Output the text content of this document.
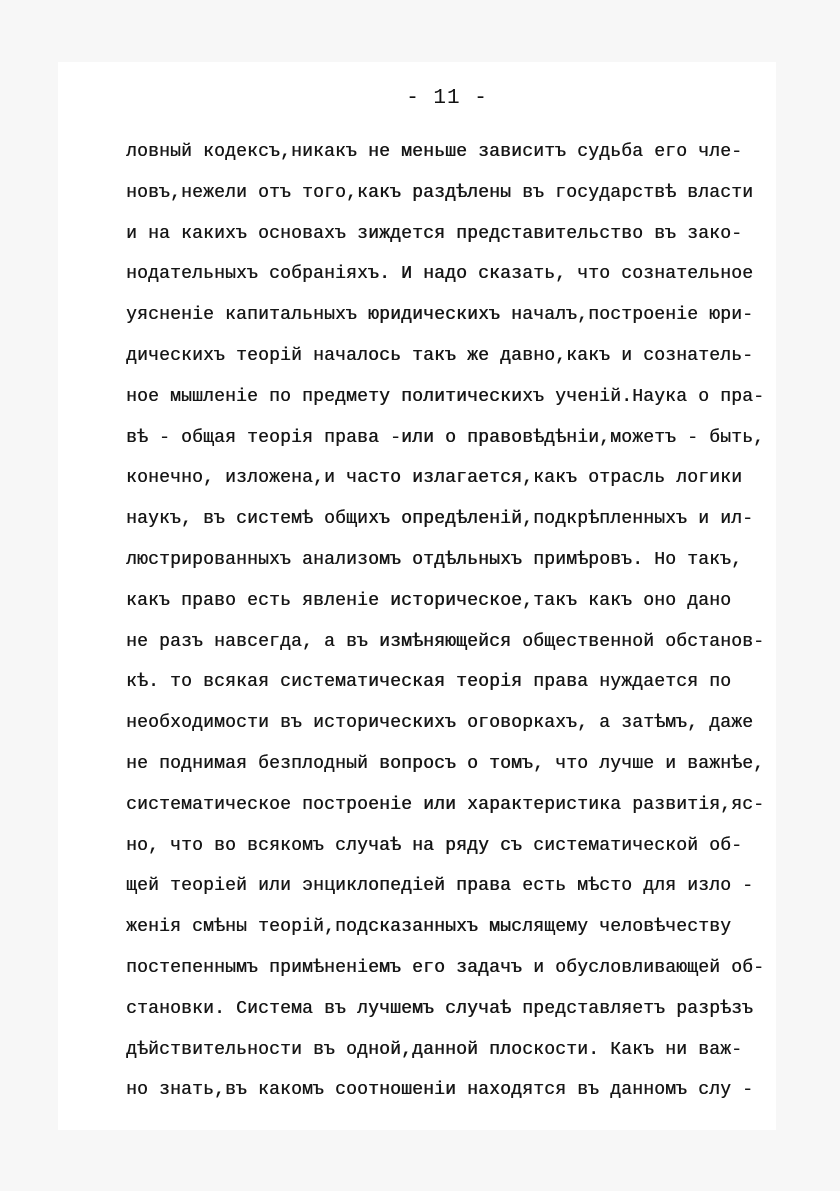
- 11 -
ловный кодексъ,никакъ не меньше зависитъ судьба его чле-
новъ,нежели отъ того,какъ раздѣлены въ государствѣ власти
и на какихъ основахъ зиждется представительство въ зако-
нодательныхъ собраніяхъ. И надо сказать, что сознательное
уясненіе капитальныхъ юридическихъ началъ,построеніе юри-
дическихъ теорій началось такъ же давно,какъ и сознатель-
ное мышленіе по предмету политическихъ ученій.Наука о пра-
вѣ - общая теорія права -или о правовѣдѣніи,можетъ - быть,
конечно, изложена,и часто излагается,какъ отрасль логики
наукъ, въ системѣ общихъ опредѣленій,подкрѣпленныхъ и ил-
люстрированныхъ анализомъ отдѣльныхъ примѣровъ. Но такъ,
какъ право есть явленіе историческое,такъ какъ оно дано
не разъ навсегда, а въ измѣняющейся общественной обстанов-
кѣ. то всякая систематическая теорія права нуждается по
необходимости въ историческихъ оговоркахъ, а затѣмъ, даже
не поднимая безплодный вопросъ о томъ, что лучше и важнѣе,
систематическое построеніе или характеристика развитія,яс-
но, что во всякомъ случаѣ на ряду съ систематической об-
щей теоріей или энциклопедіей права есть мѣсто для изло -
женія смѣны теорій,подсказанныхъ мыслящему человѣчеству
постепеннымъ примѣненіемъ его задачъ и обусловливающей об-
становки. Система въ лучшемъ случаѣ представляетъ разрѣзъ
дѣйствительности въ одной,данной плоскости. Какъ ни важ-
но знать,въ какомъ соотношеніи находятся въ данномъ слу -
